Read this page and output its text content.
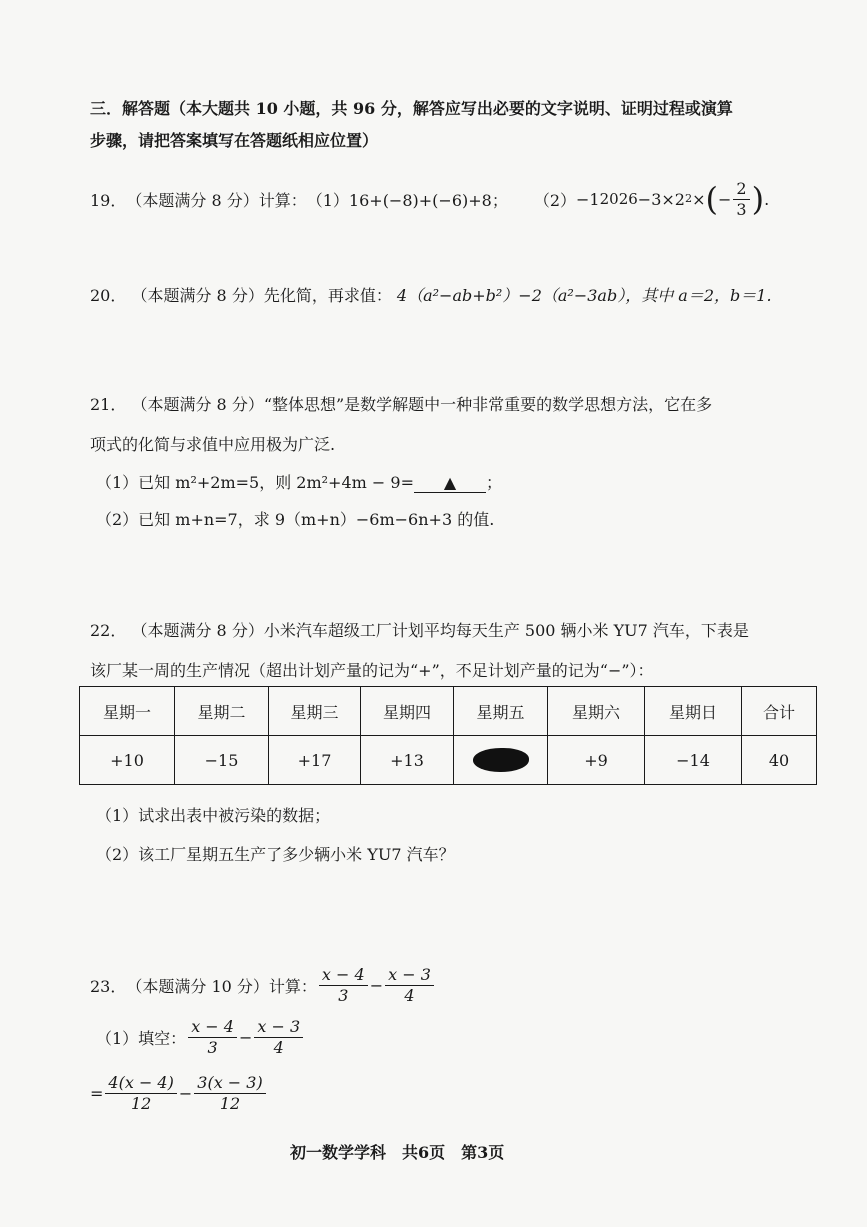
三．解答题（本大题共 10 小题，共 96 分，解答应写出必要的文字说明、证明过程或演算
步骤，请把答案填写在答题纸相应位置）
19． （本题满分 8 分）计算： （1） 16+(−8)+(−6)+8； （2） −1 2026 −3×2 2 × ( − $\frac{2}{3}$ ) .
20． （本题满分 8 分）先化简，再求值： 4（a²−ab+b²）−2（a²−3ab），其中 a＝2，b＝1.
21． （本题满分 8 分）“整体思想”是数学解题中一种非常重要的数学思想方法，它在多
项式的化简与求值中应用极为广泛.
（1）已知 m²+2m=5，则 2m²+4m − 9= ▲ ；
（2）已知 m+n=7，求 9（m+n）−6m−6n+3 的值.
22． （本题满分 8 分）小米汽车超级工厂计划平均每天生产 500 辆小米 YU7 汽车，下表是
该厂某一周的生产情况（超出计划产量的记为“+”，不足计划产量的记为“−”）：
星期一	星期二	星期三	星期四	星期五	星期六	星期日	合计
+10	−15	+17	+13		+9	−14	40
（1）试求出表中被污染的数据；
（2）该工厂星期五生产了多少辆小米 YU7 汽车？
23． （本题满分 10 分）计算： $\frac{x - 4}{3} - \frac{x - 3}{4}$
（1）填空： $\frac{x - 4}{3} - \frac{x - 3}{4}$
= $\frac{4(x - 4)}{12} - \frac{3(x - 3)}{12}$
初一数学学科　共6页　第3页
